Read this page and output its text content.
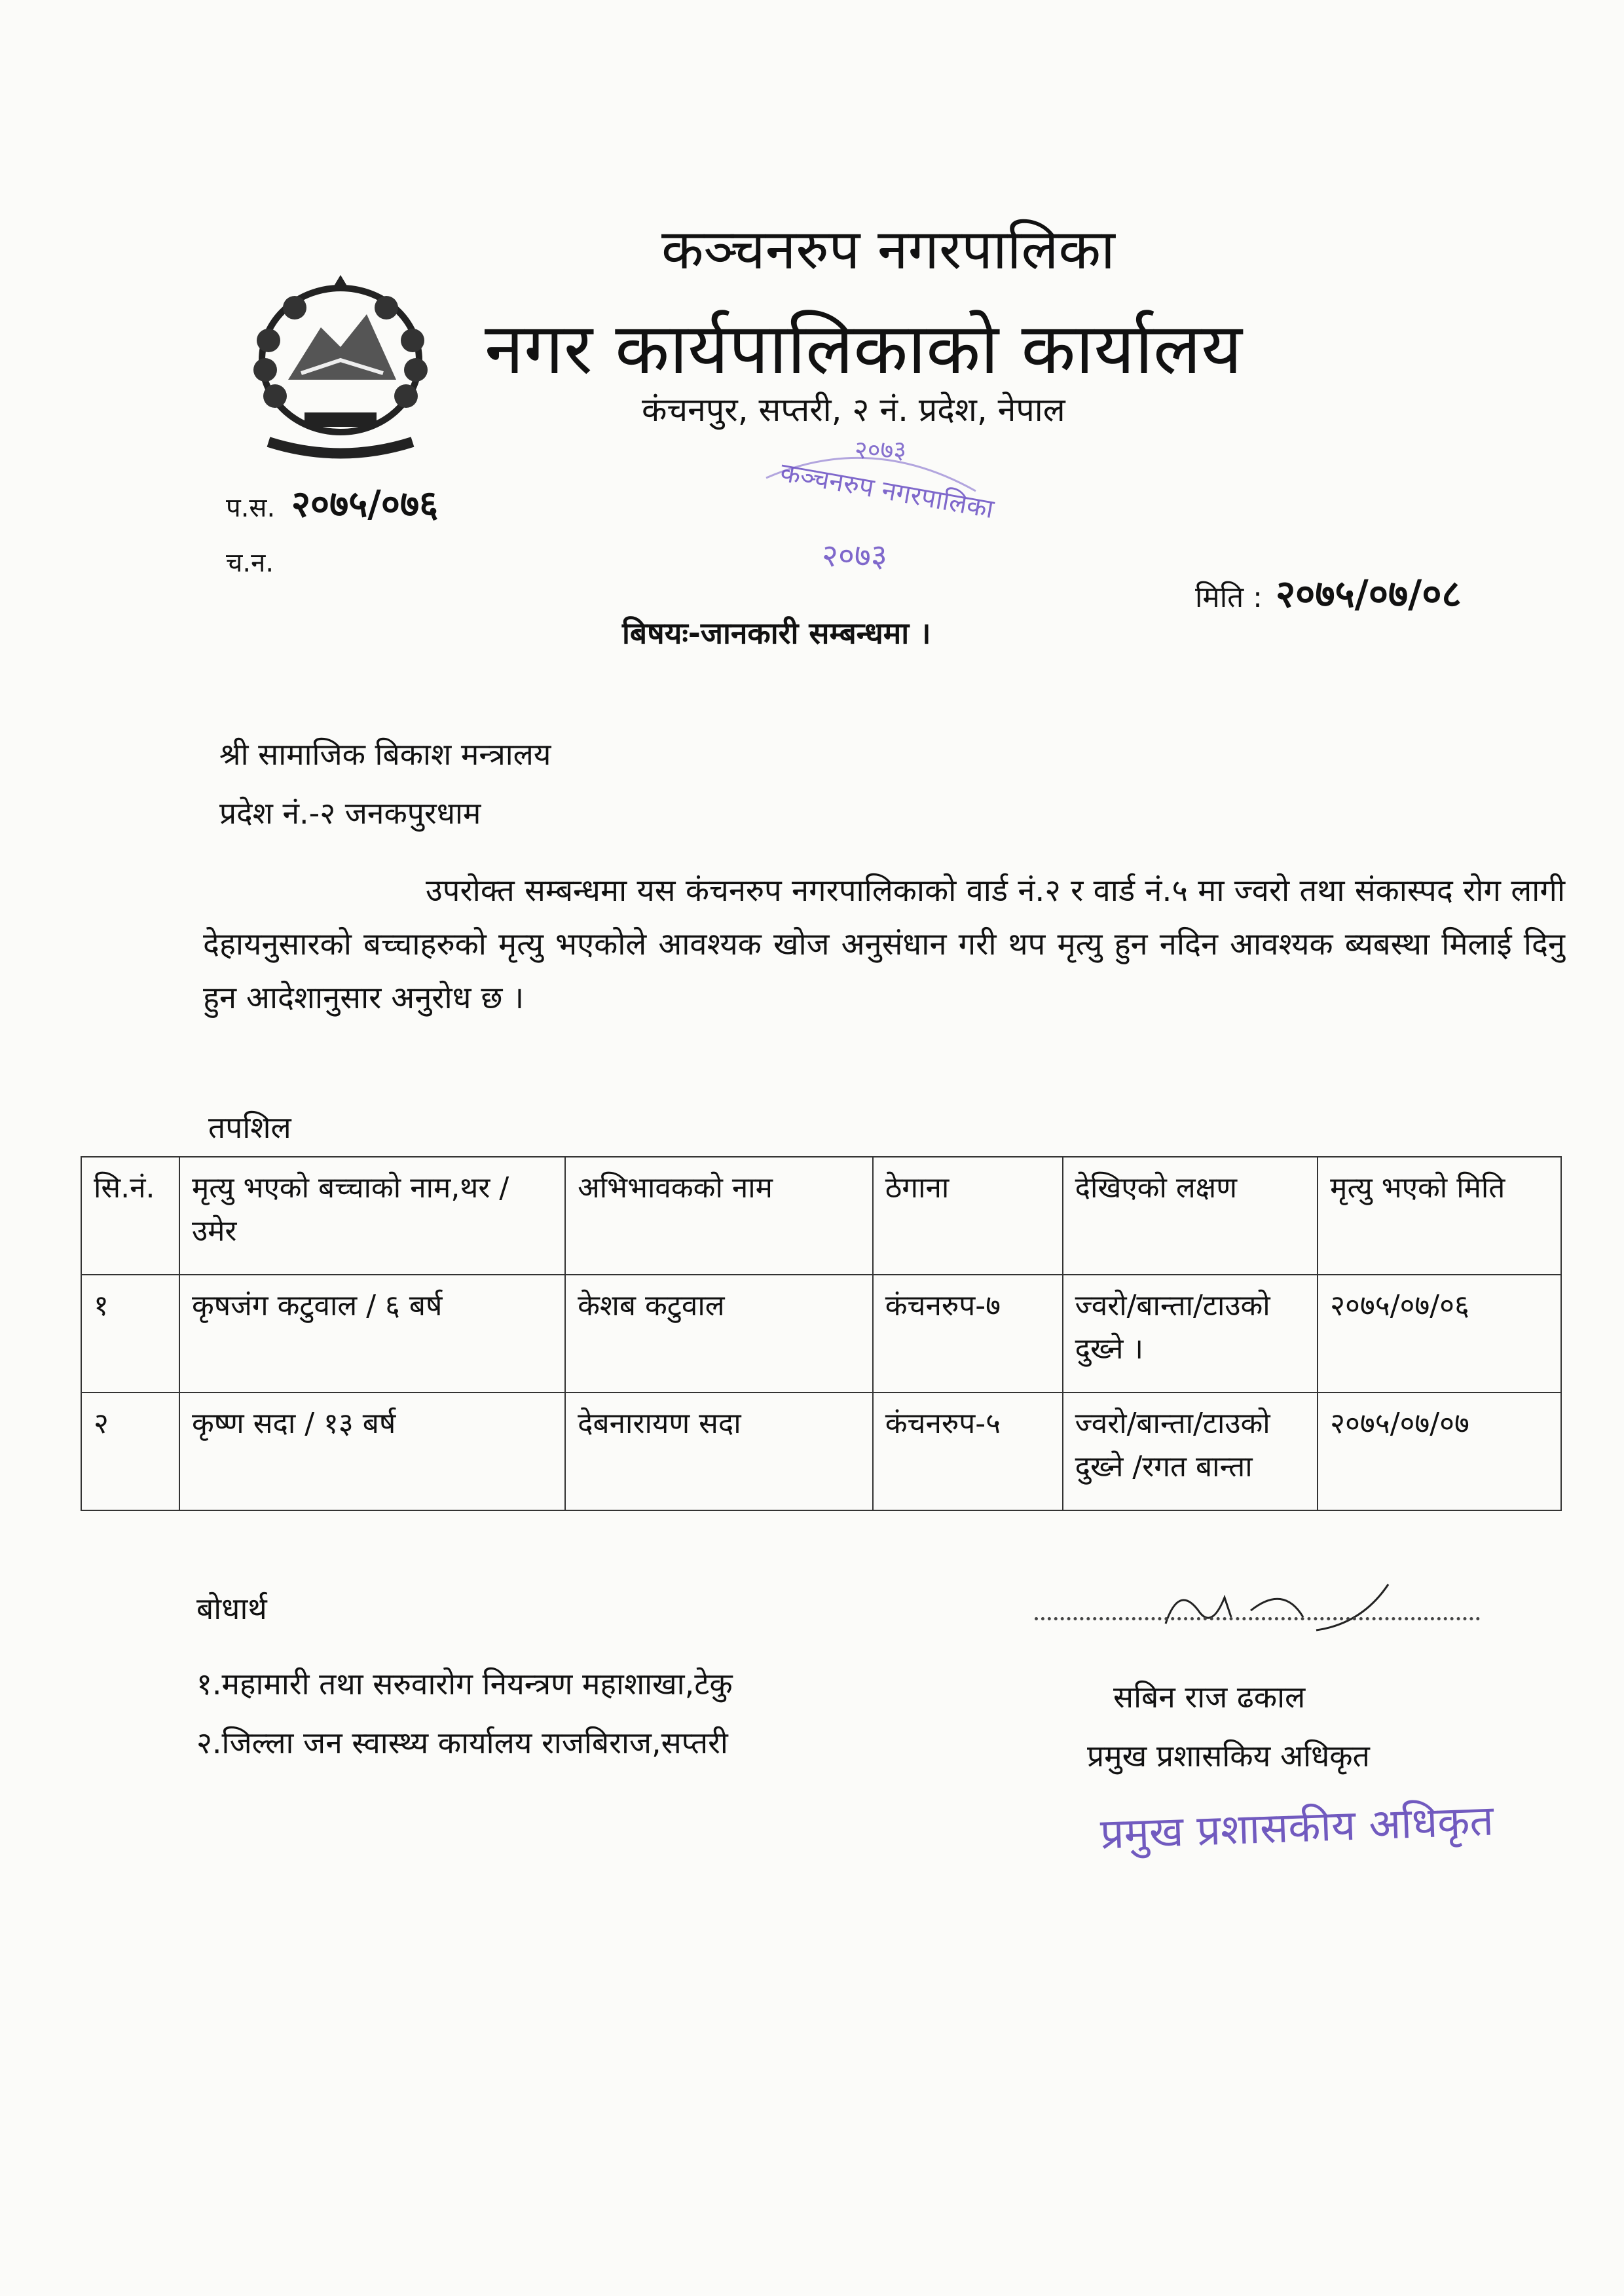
कञ्चनरुप नगरपालिका
नगर कार्यपालिकाको कार्यालय
कंचनपुर, सप्तरी, २ नं. प्रदेश, नेपाल
२०७३
कञ्चनरुप नगरपालिका
२०७३
प.स. २०७५/०७६
च.न.
मिति : २०७५/०७/०८
बिषयः-जानकारी सम्बन्धमा ।
श्री सामाजिक बिकाश मन्त्रालय
प्रदेश नं.-२ जनकपुरधाम
उपरोक्त सम्बन्धमा यस कंचनरुप नगरपालिकाको वार्ड नं.२ र वार्ड नं.५ मा ज्वरो तथा संकास्पद रोग लागी देहायनुसारको बच्चाहरुको मृत्यु भएकोले आवश्यक खोज अनुसंधान गरी थप मृत्यु हुन नदिन आवश्यक ब्यबस्था मिलाई दिनु हुन आदेशानुसार अनुरोध छ ।
तपशिल
सि.नं.	मृत्यु भएको बच्चाको नाम,थर / उमेर	अभिभावकको नाम	ठेगाना	देखिएको लक्षण	मृत्यु भएको मिति
१	कृषजंग कटुवाल / ६ बर्ष	केशब कटुवाल	कंचनरुप-७	ज्वरो/बान्ता/टाउको दुख्ने ।	२०७५/०७/०६
२	कृष्ण सदा / १३ बर्ष	देबनारायण सदा	कंचनरुप-५	ज्वरो/बान्ता/टाउको दुख्ने /रगत बान्ता	२०७५/०७/०७
बोधार्थ
१.महामारी तथा सरुवारोग नियन्त्रण महाशाखा,टेकु
२.जिल्ला जन स्वास्थ्य कार्यालय राजबिराज,सप्तरी
सबिन राज ढकाल
प्रमुख प्रशासकिय अधिकृत
प्रमुख प्रशासकीय अधिकृत
